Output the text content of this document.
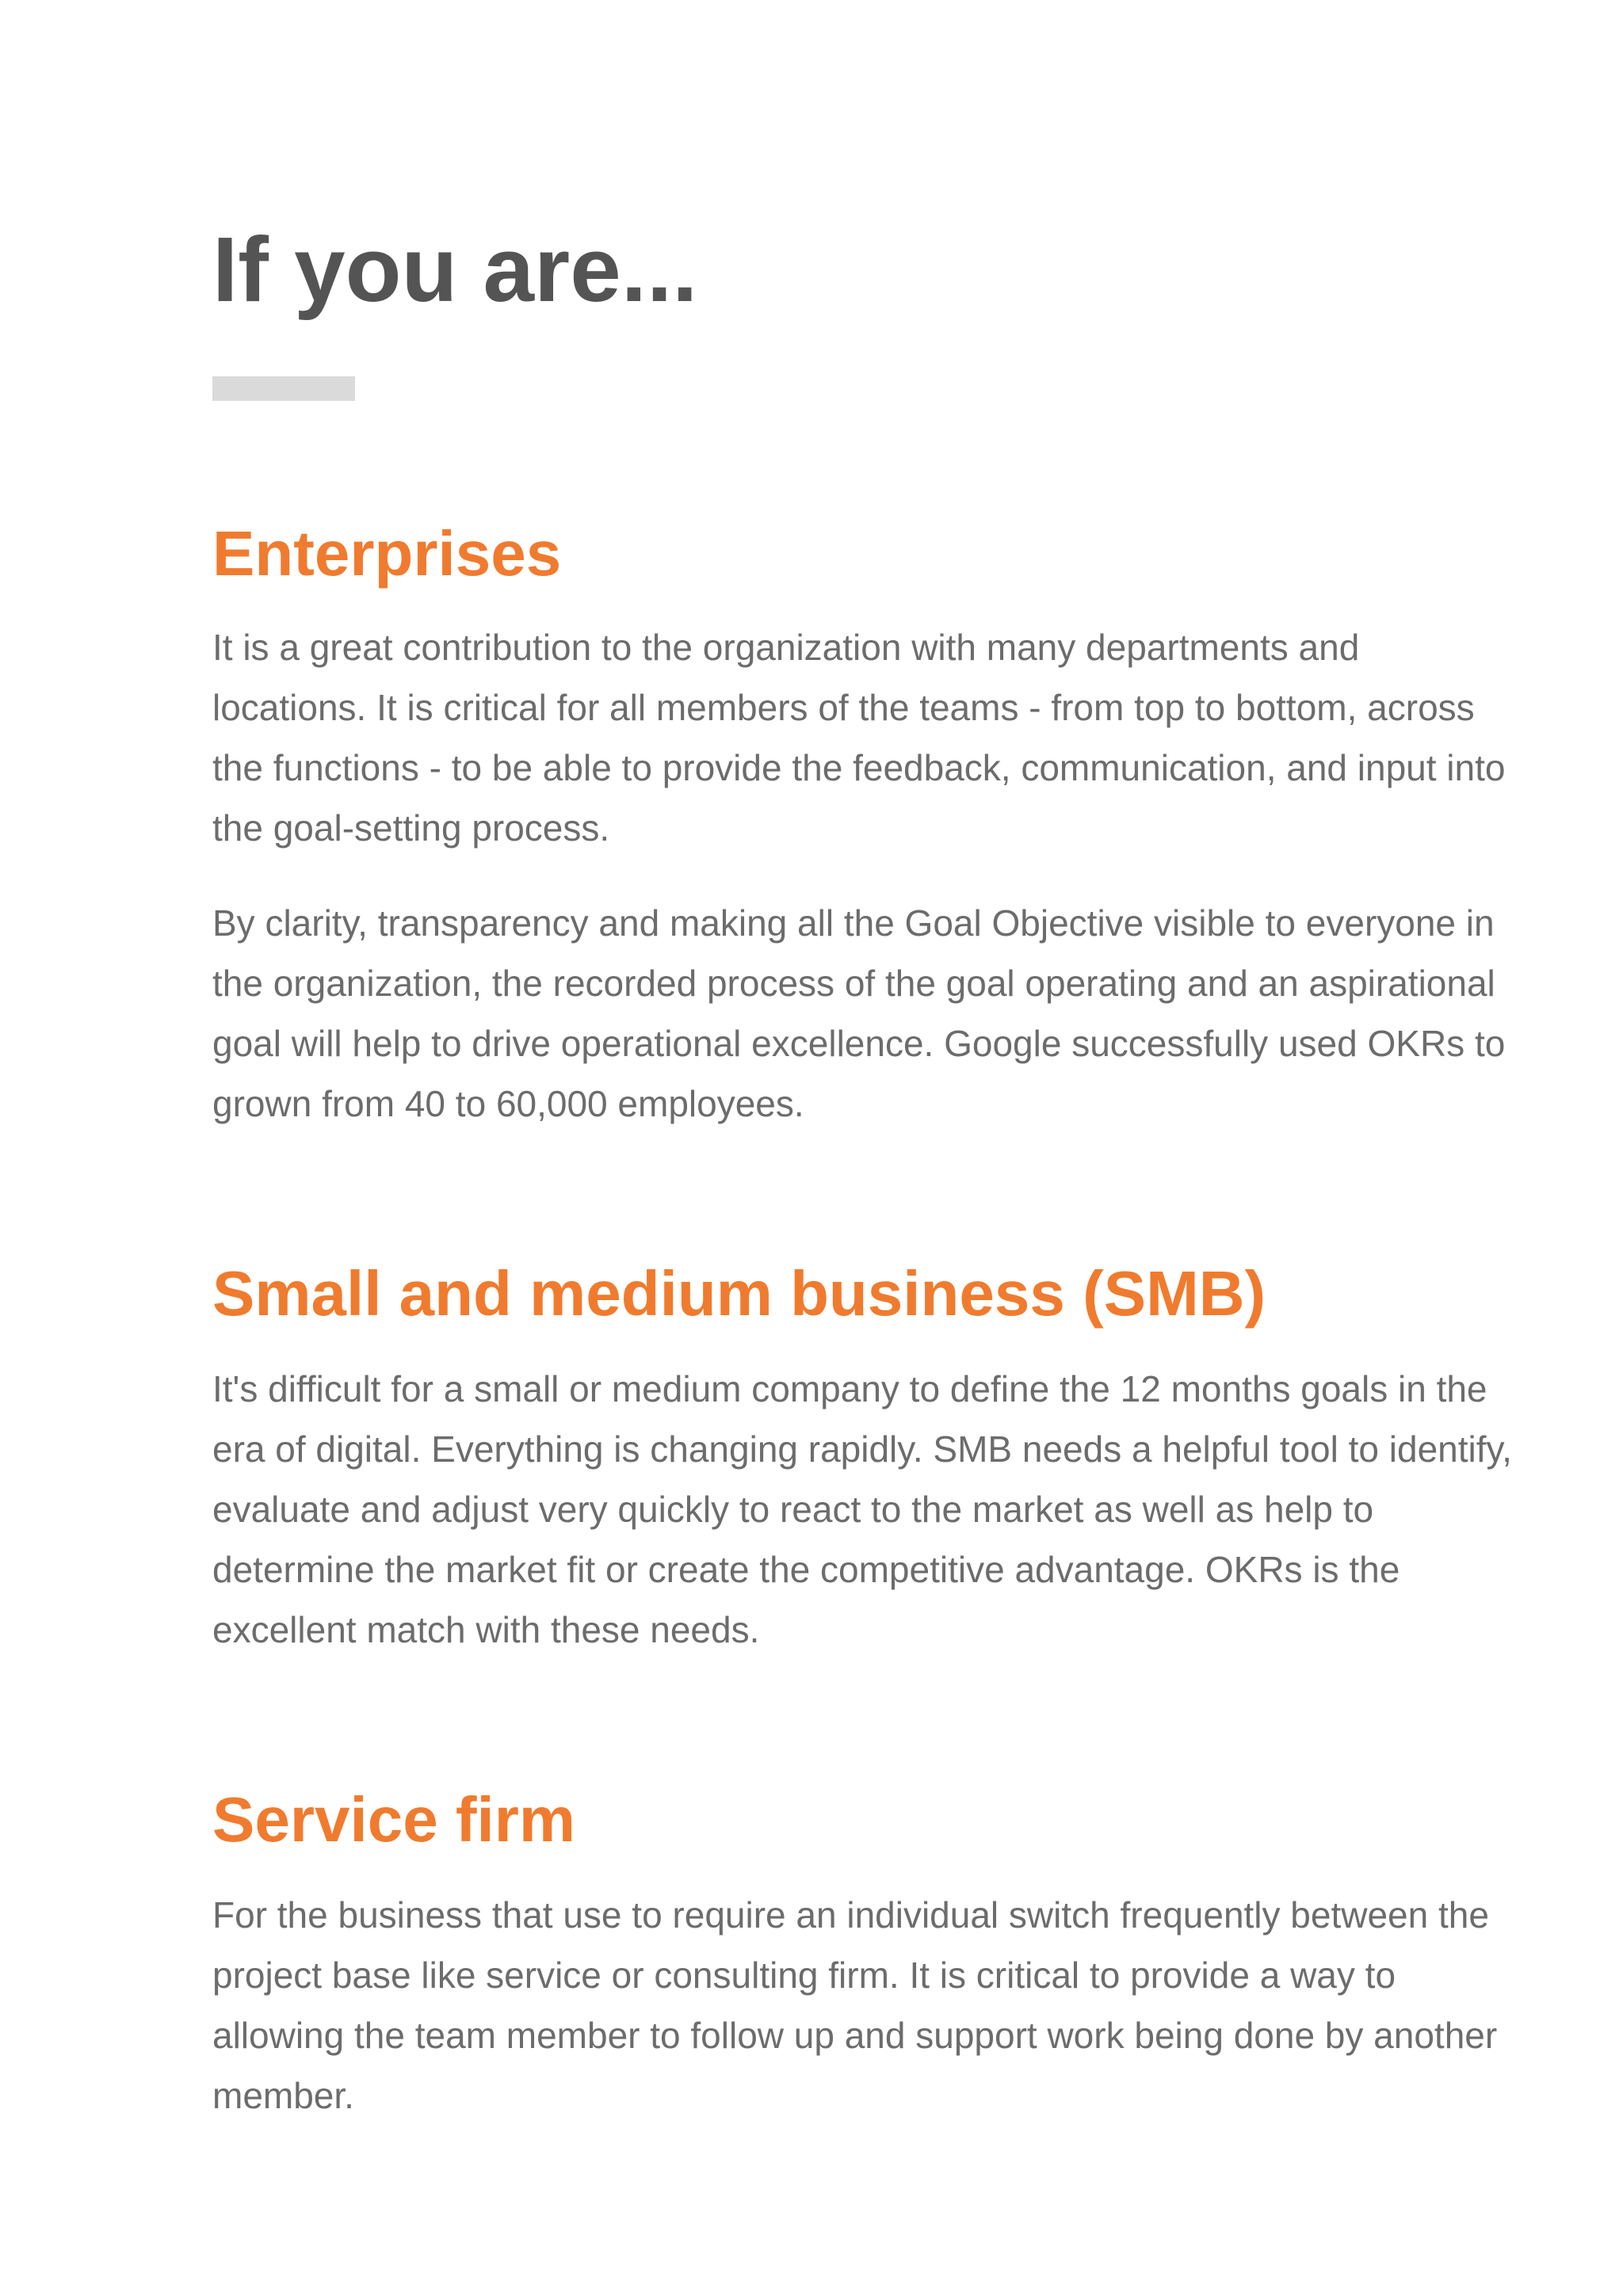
If you are...
Enterprises

It is a great contribution to the organization with many departments and locations. It is critical for all members of the teams - from top to bottom, across the functions - to be able to provide the feedback, communication, and input into the goal-setting process.

By clarity, transparency and making all the Goal Objective visible to everyone in the organization, the recorded process of the goal operating and an aspirational goal will help to drive operational excellence. Google successfully used OKRs to grown from 40 to 60,000 employees.

Small and medium business (SMB)

It's difficult for a small or medium company to define the 12 months goals in the era of digital. Everything is changing rapidly. SMB needs a helpful tool to identify, evaluate and adjust very quickly to react to the market as well as help to determine the market fit or create the competitive advantage. OKRs is the excellent match with these needs.

Service firm

For the business that use to require an individual switch frequently between the project base like service or consulting firm. It is critical to provide a way to allowing the team member to follow up and support work being done by another member.
